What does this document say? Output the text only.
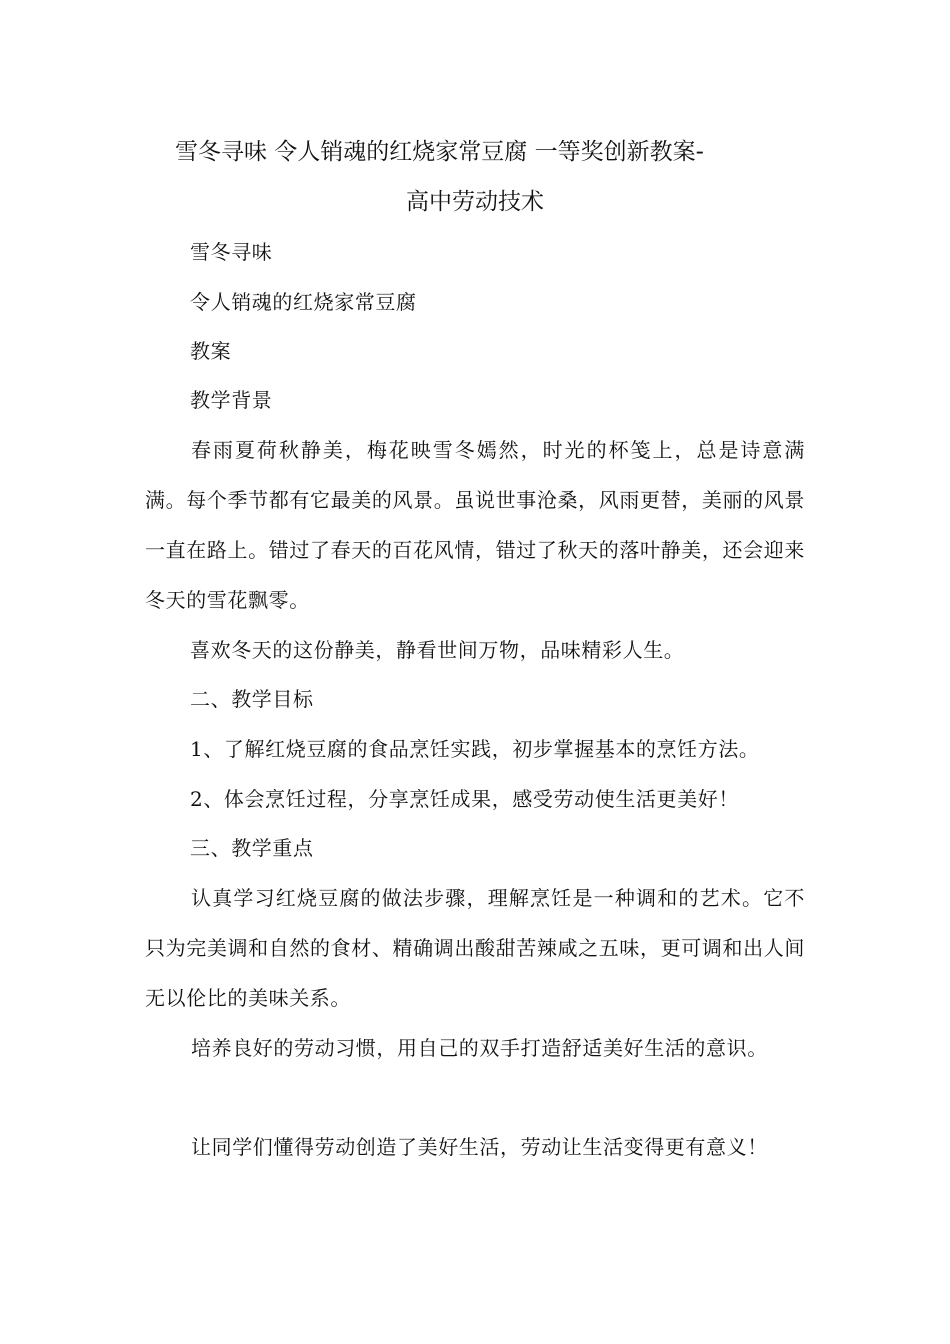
雪冬寻味 令人销魂的红烧家常豆腐 一等奖创新教案-
高中劳动技术

雪冬寻味

令人销魂的红烧家常豆腐

教案

教学背景

春雨夏荷秋静美，梅花映雪冬嫣然，时光的杯笺上，总是诗意满满。每个季节都有它最美的风景。虽说世事沧桑，风雨更替，美丽的风景一直在路上。错过了春天的百花风情，错过了秋天的落叶静美，还会迎来冬天的雪花飘零。

喜欢冬天的这份静美，静看世间万物，品味精彩人生。

二、教学目标

1、了解红烧豆腐的食品烹饪实践，初步掌握基本的烹饪方法。

2、体会烹饪过程，分享烹饪成果，感受劳动使生活更美好！

三、教学重点

认真学习红烧豆腐的做法步骤，理解烹饪是一种调和的艺术。它不只为完美调和自然的食材、精确调出酸甜苦辣咸之五味，更可调和出人间无以伦比的美味关系。

培养良好的劳动习惯，用自己的双手打造舒适美好生活的意识。

让同学们懂得劳动创造了美好生活，劳动让生活变得更有意义！
